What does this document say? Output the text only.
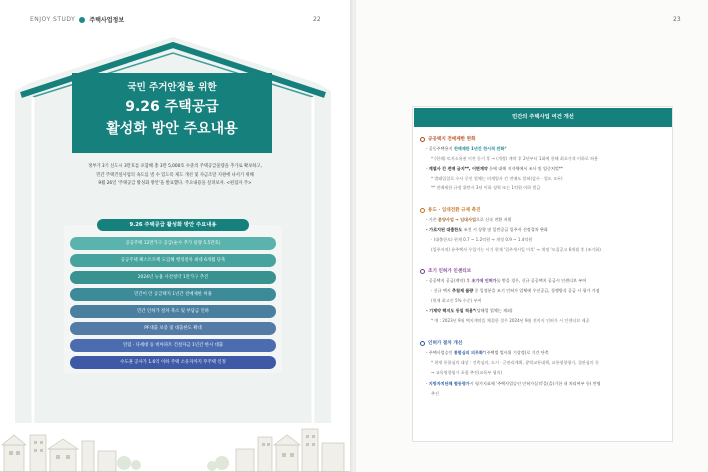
ENJOY STUDY 주택사업정보	22
국민 주거안정을 위한
9.26 주택공급
활성화 방안 주요내용
정부가 3기 신도시 3만호를 포함해 총 3만 5,000호 수준의 주택공급물량을 추가로 확보하고,
민간 주택건설사업의 속도를 낼 수 있도록 제도 개선 및 자금조달 지원에 나서기 위해
9월 26일 '주택공급 활성화 방안'을 발표했다. 주요내용을 살펴보자. <편집자 주>
9.26 주택공급 활성화 방안 주요내용
공공주택 12만가구 공급(순수 추가 물량 5.5만호)
공공주택 패스트트랙 도입해 행정절차 최대 6개월 단축
2024년 뉴홈 사전청약 1만가구 추진
민간이 안 공급택지 1년간 전매제한 허용
민간 인허가 절차 축소 및 부담금 인하
PF대출 보증 및 대출한도 확대
연립 · 다세대 등 비아파트 건설자금 1년간 한시 대출
수도권 공사가 1.6억 이하 주택 소유자까지 무주택 인정
23
민간의 주택사업 여건 개선
공공택지 전매제한 완화
- 공동주택용지 전매제한 1년간 한시적 완화*
* (현재) 토지소유권 이전 등기 후 → (개정) 계약 후 2년부터 1회에 한해 최초가격 이하로 허용
- 계열사 간 전매 금지**, 이면계약 등에 대해 지자체에서 조사 및 엄중처벌**
* 벌떼입찰로 수사 중인 업체는 비계열사 간 전매도 불허(감수 · 업도 모두)
** 전매제한 규정 위반시 3년 이하 징역 또는 1억원 이하 벌금
용도 · 입대전환 규제 촉진
- 기존 분양사업 → 임대사업으로 신속 전환 지원
- 가로지된 대출한도 조건 시 상향 및 일반공급 입주자 선정절차 완화
· (대출한도) 현재 0.7 ~ 1.2억원 → 개정 0.9 ~ 1.4억원
(입주자격) 유주택자 우입가능 시기 현재 '입주개시일 이후' → 개정 '모집공고 6개월 후 (조기화)
조기 인허가 인센티브
- 공공택지 공급(계약) 후 조기에 인허가를 받을 경우, 신규 공공택지 공급시 인센티브 부여
· 신규 택지 추첨제 물량 중 일정분을 조기 인허가 업체에 우선공급, 경쟁방식 공급 시 평가 가점
(현재 최고인 5% 수준) 부여
- 기제약 택지도 동일 적용*(당해업 업체는 제외)
* 예 : 2023년 9월 택지계약을 체결한 경우 2024년 9월 전까지 인허가 시 인센티브 제공
인허가 절차 개선
- 주택사업승인 통합심의 의무화*(주택법 법사위 기상정)로 기간 단축
* 현재 통합심의 대상 : 건축심의, 도시 · 군관리계획, 광역교통대책, 교통영향평가, 경관심의 등
→ 교육영향평가 포함 추진(교육부 협의)
- 지방자치단체 협동평가시 평가지표에 '주택사업승인 인허가실적'을(을)기한 내 처리여부 등) 반영
추진
